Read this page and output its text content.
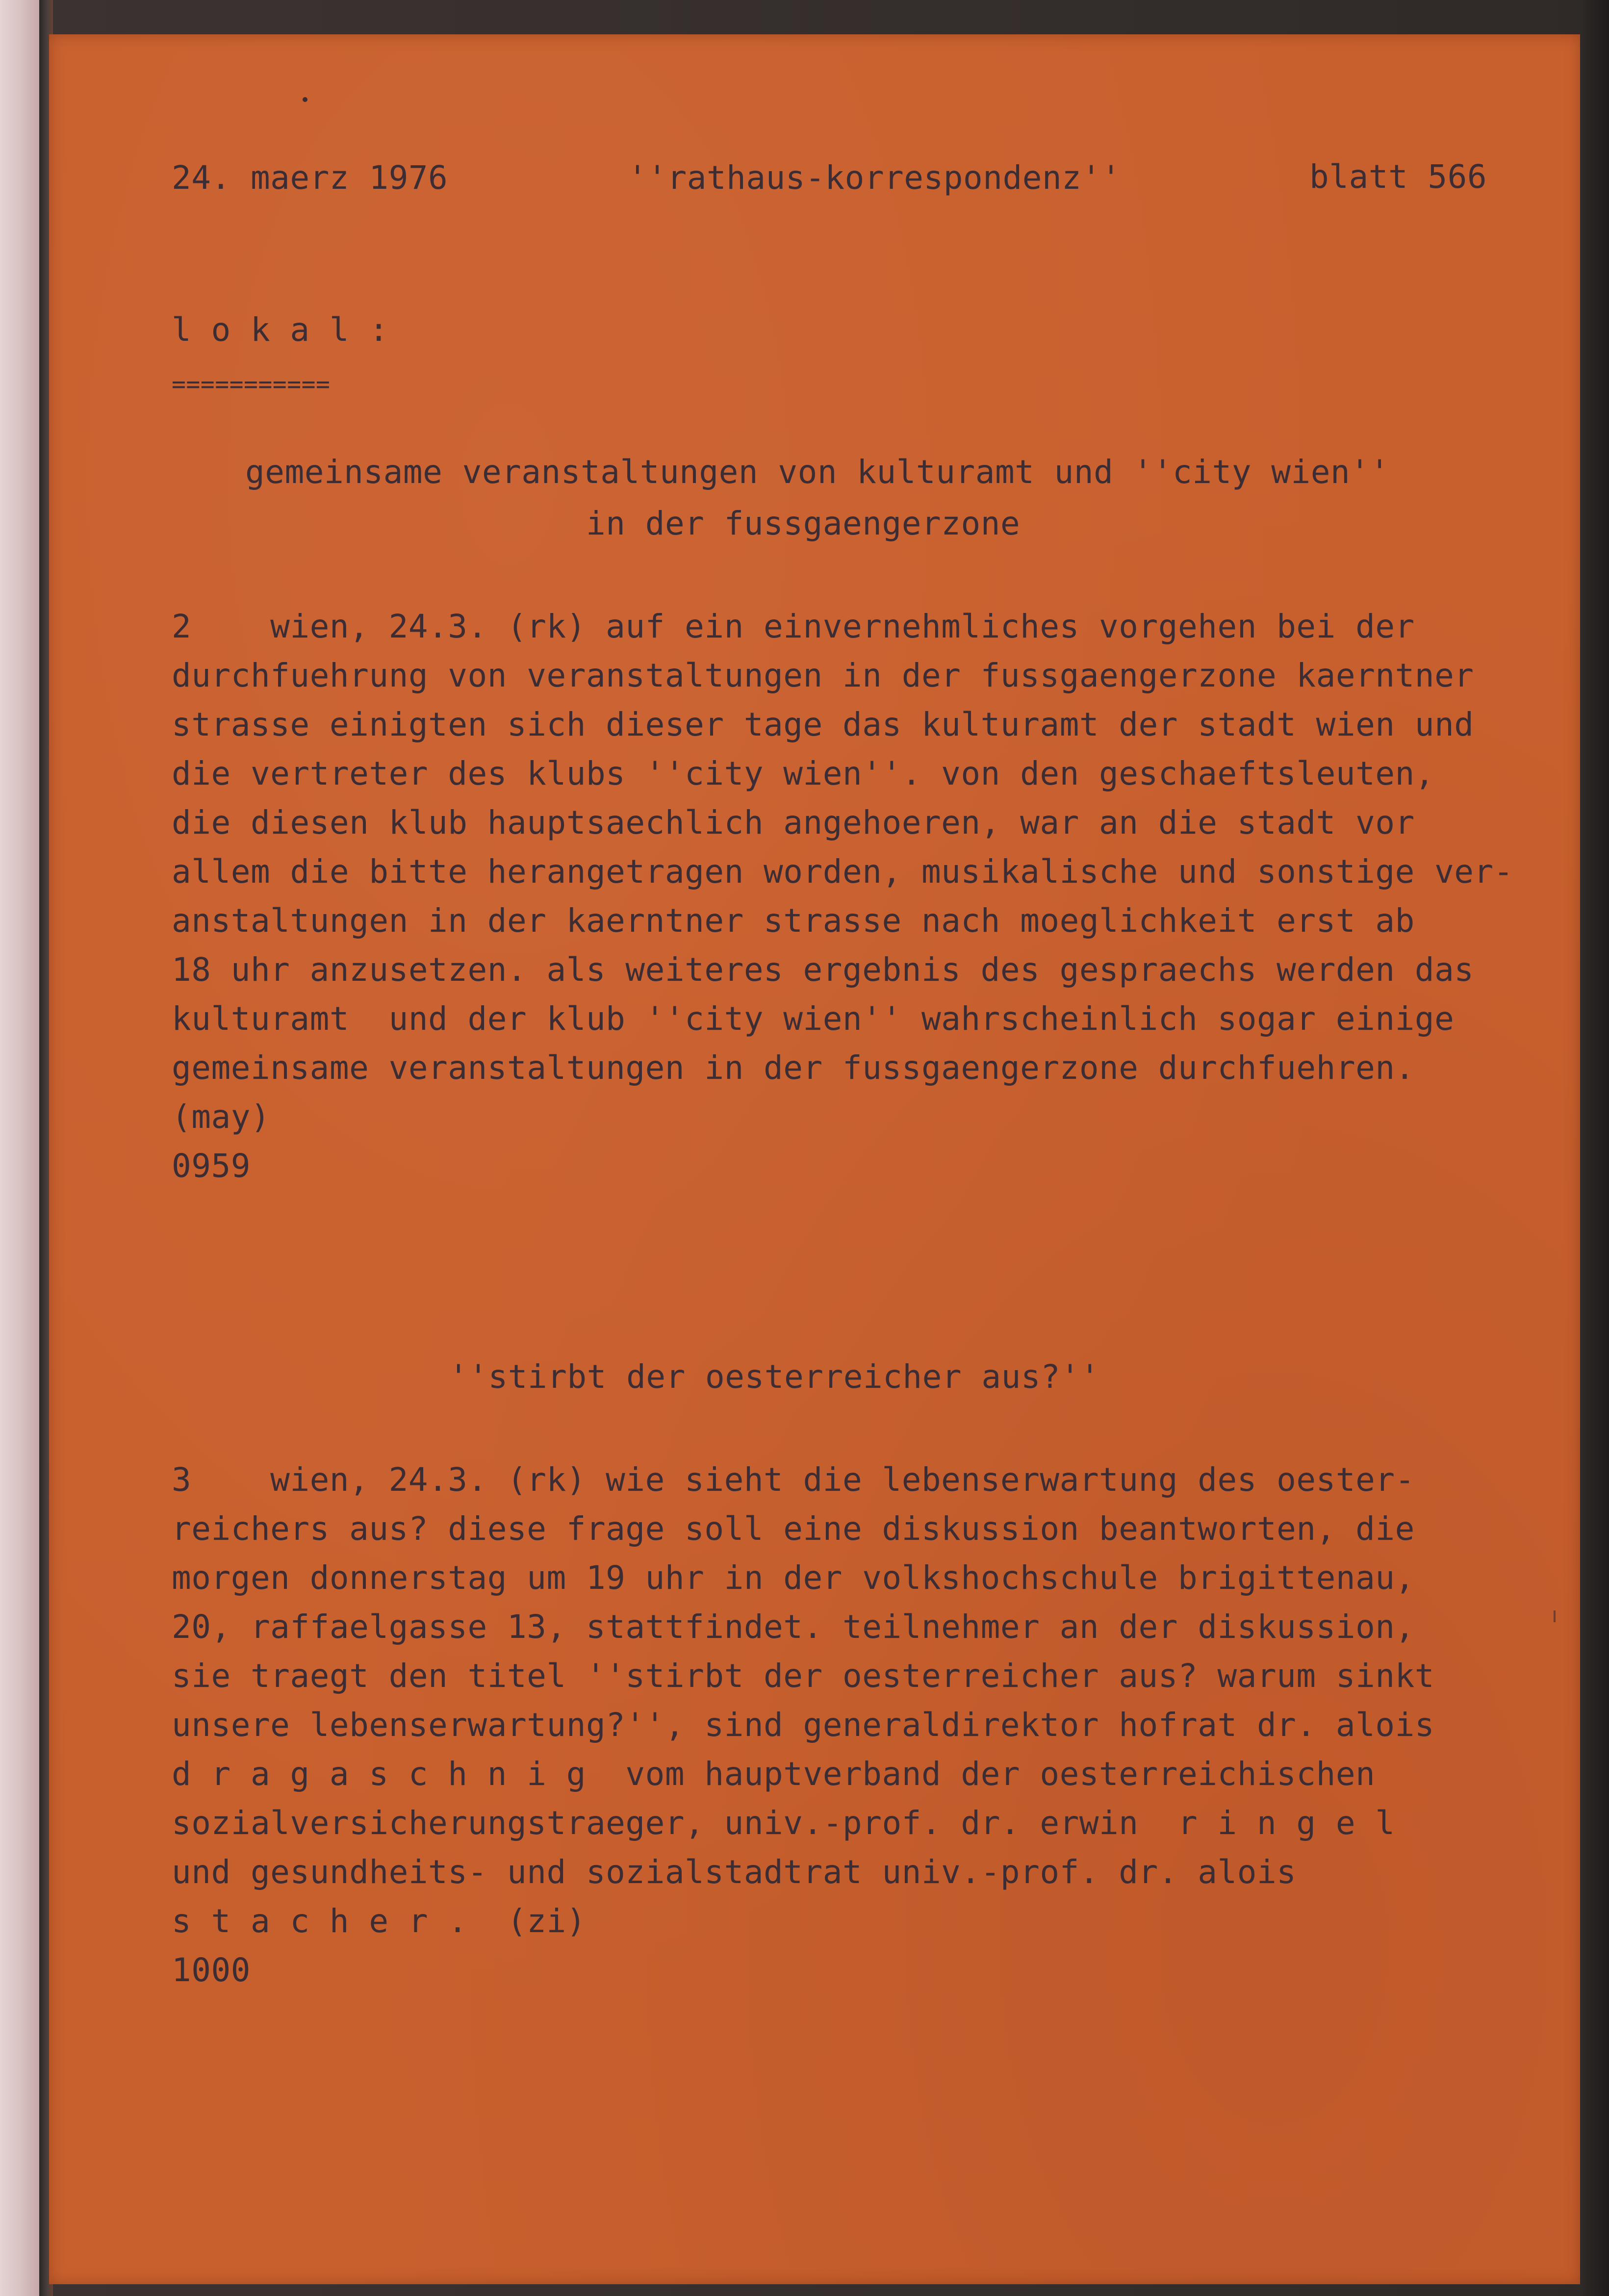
24. maerz 1976	''rathaus-korrespondenz''	blatt 566
l o k a l :
===========
gemeinsame veranstaltungen von kulturamt und ''city wien''
in der fussgaengerzone
2    wien, 24.3. (rk) auf ein einvernehmliches vorgehen bei der
durchfuehrung von veranstaltungen in der fussgaengerzone kaerntner
strasse einigten sich dieser tage das kulturamt der stadt wien und
die vertreter des klubs ''city wien''. von den geschaeftsleuten,
die diesen klub hauptsaechlich angehoeren, war an die stadt vor
allem die bitte herangetragen worden, musikalische und sonstige ver-
anstaltungen in der kaerntner strasse nach moeglichkeit erst ab
18 uhr anzusetzen. als weiteres ergebnis des gespraechs werden das
kulturamt  und der klub ''city wien'' wahrscheinlich sogar einige
gemeinsame veranstaltungen in der fussgaengerzone durchfuehren.
(may)
0959
''stirbt der oesterreicher aus?''
3    wien, 24.3. (rk) wie sieht die lebenserwartung des oester-
reichers aus? diese frage soll eine diskussion beantworten, die
morgen donnerstag um 19 uhr in der volkshochschule brigittenau,
20, raffaelgasse 13, stattfindet. teilnehmer an der diskussion,
sie traegt den titel ''stirbt der oesterreicher aus? warum sinkt
unsere lebenserwartung?'', sind generaldirektor hofrat dr. alois
d r a g a s c h n i g  vom hauptverband der oesterreichischen
sozialversicherungstraeger, univ.-prof. dr. erwin  r i n g e l
und gesundheits- und sozialstadtrat univ.-prof. dr. alois
s t a c h e r .  (zi)
1000
